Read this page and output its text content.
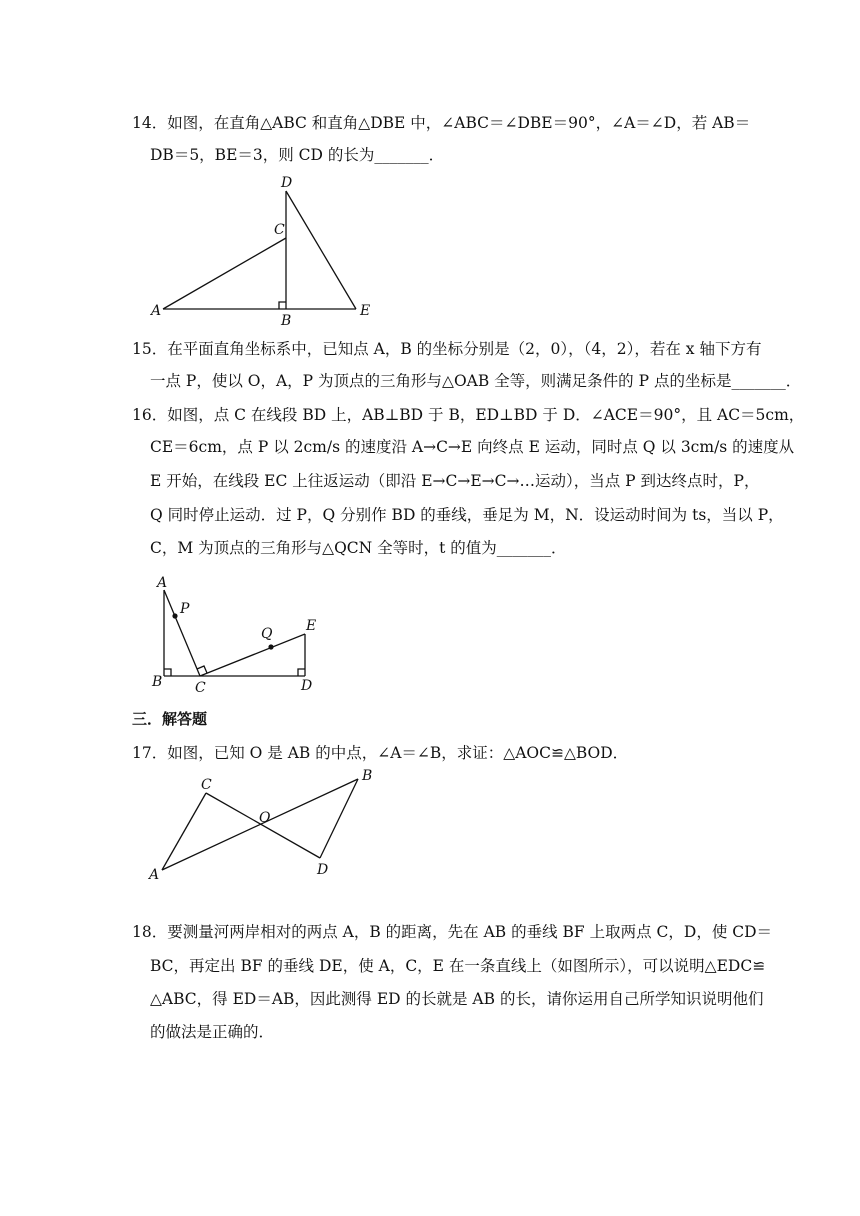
14．如图，在直角△ABC 和直角△DBE 中，∠ABC＝∠DBE＝90°，∠A＝∠D，若 AB＝
DB＝5，BE＝3，则 CD 的长为_______．
A
B
C
D
E
15．在平面直角坐标系中，已知点 A，B 的坐标分别是（2，0），（4，2），若在 x 轴下方有
一点 P，使以 O，A，P 为顶点的三角形与△OAB 全等，则满足条件的 P 点的坐标是_______．
16．如图，点 C 在线段 BD 上，AB⊥BD 于 B，ED⊥BD 于 D．∠ACE＝90°，且 AC＝5cm，
CE＝6cm，点 P 以 2cm/s 的速度沿 A→C→E 向终点 E 运动，同时点 Q 以 3cm/s 的速度从
E 开始，在线段 EC 上往返运动（即沿 E→C→E→C→…运动），当点 P 到达终点时，P，
Q 同时停止运动．过 P，Q 分别作 BD 的垂线，垂足为 M，N．设运动时间为 ts，当以 P，
C，M 为顶点的三角形与△QCN 全等时，t 的值为_______．
A
P
Q E
B C	D
三．解答题
17．如图，已知 O 是 AB 的中点，∠A＝∠B，求证：△AOC≌△BOD．
A
C
O
B
D
18．要测量河两岸相对的两点 A，B 的距离，先在 AB 的垂线 BF 上取两点 C，D，使 CD＝
BC，再定出 BF 的垂线 DE，使 A，C，E 在一条直线上（如图所示），可以说明△EDC≌
△ABC，得 ED＝AB，因此测得 ED 的长就是 AB 的长，请你运用自己所学知识说明他们
的做法是正确的．
